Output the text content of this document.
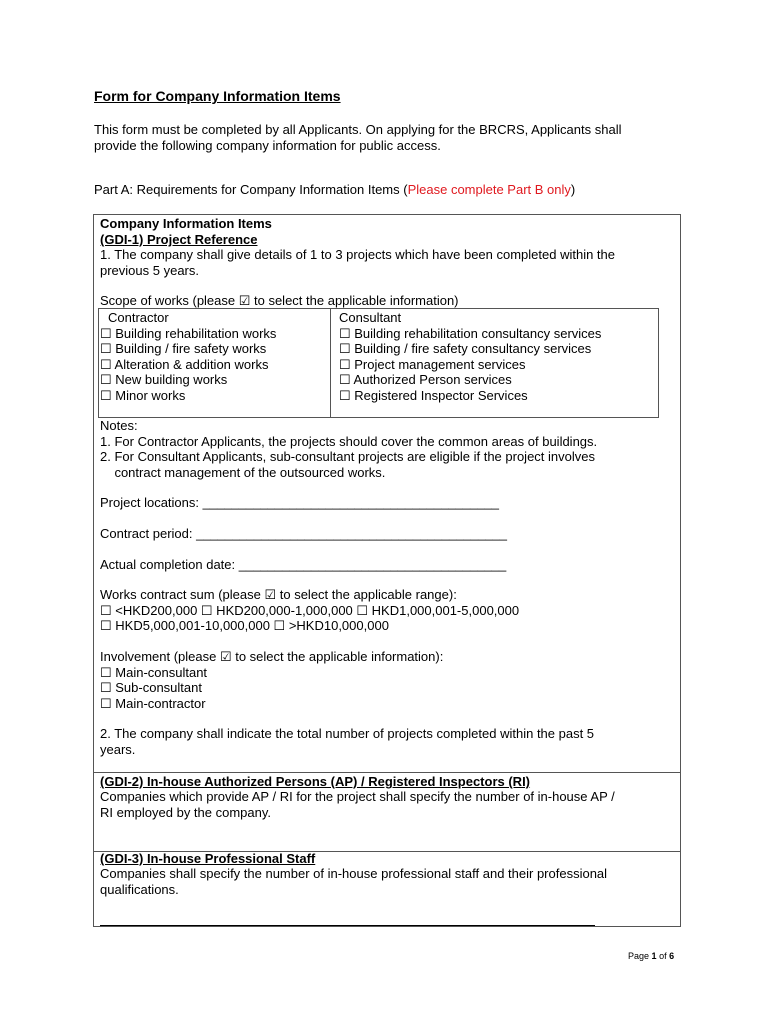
Form for Company Information Items
This form must be completed by all Applicants. On applying for the BRCRS, Applicants shall
provide the following company information for public access.
Part A: Requirements for Company Information Items (Please complete Part B only)
Company Information Items
(GDI-1) Project Reference
1. The company shall give details of 1 to 3 projects which have been completed within the
previous 5 years.
Scope of works (please ☑ to select the applicable information)
Contractor
☐ Building rehabilitation works
☐ Building / fire safety works
☐ Alteration & addition works
☐ New building works
☐ Minor works
Consultant
☐ Building rehabilitation consultancy services
☐ Building / fire safety consultancy services
☐ Project management services
☐ Authorized Person services
☐ Registered Inspector Services
Notes:
1. For Contractor Applicants, the projects should cover the common areas of buildings.
2. For Consultant Applicants, sub-consultant projects are eligible if the project involves
contract management of the outsourced works.
Project locations: _________________________________________
Contract period: ___________________________________________
Actual completion date: _____________________________________
Works contract sum (please ☑ to select the applicable range):
☐ <HKD200,000 ☐ HKD200,000-1,000,000 ☐ HKD1,000,001-5,000,000
☐ HKD5,000,001-10,000,000 ☐ >HKD10,000,000
Involvement (please ☑ to select the applicable information):
☐ Main-consultant
☐ Sub-consultant
☐ Main-contractor
2. The company shall indicate the total number of projects completed within the past 5
years.
(GDI-2) In-house Authorized Persons (AP) / Registered Inspectors (RI)
Companies which provide AP / RI for the project shall specify the number of in-house AP /
RI employed by the company.
(GDI-3) In-house Professional Staff
Companies shall specify the number of in-house professional staff and their professional
qualifications.
Page 1 of 6
